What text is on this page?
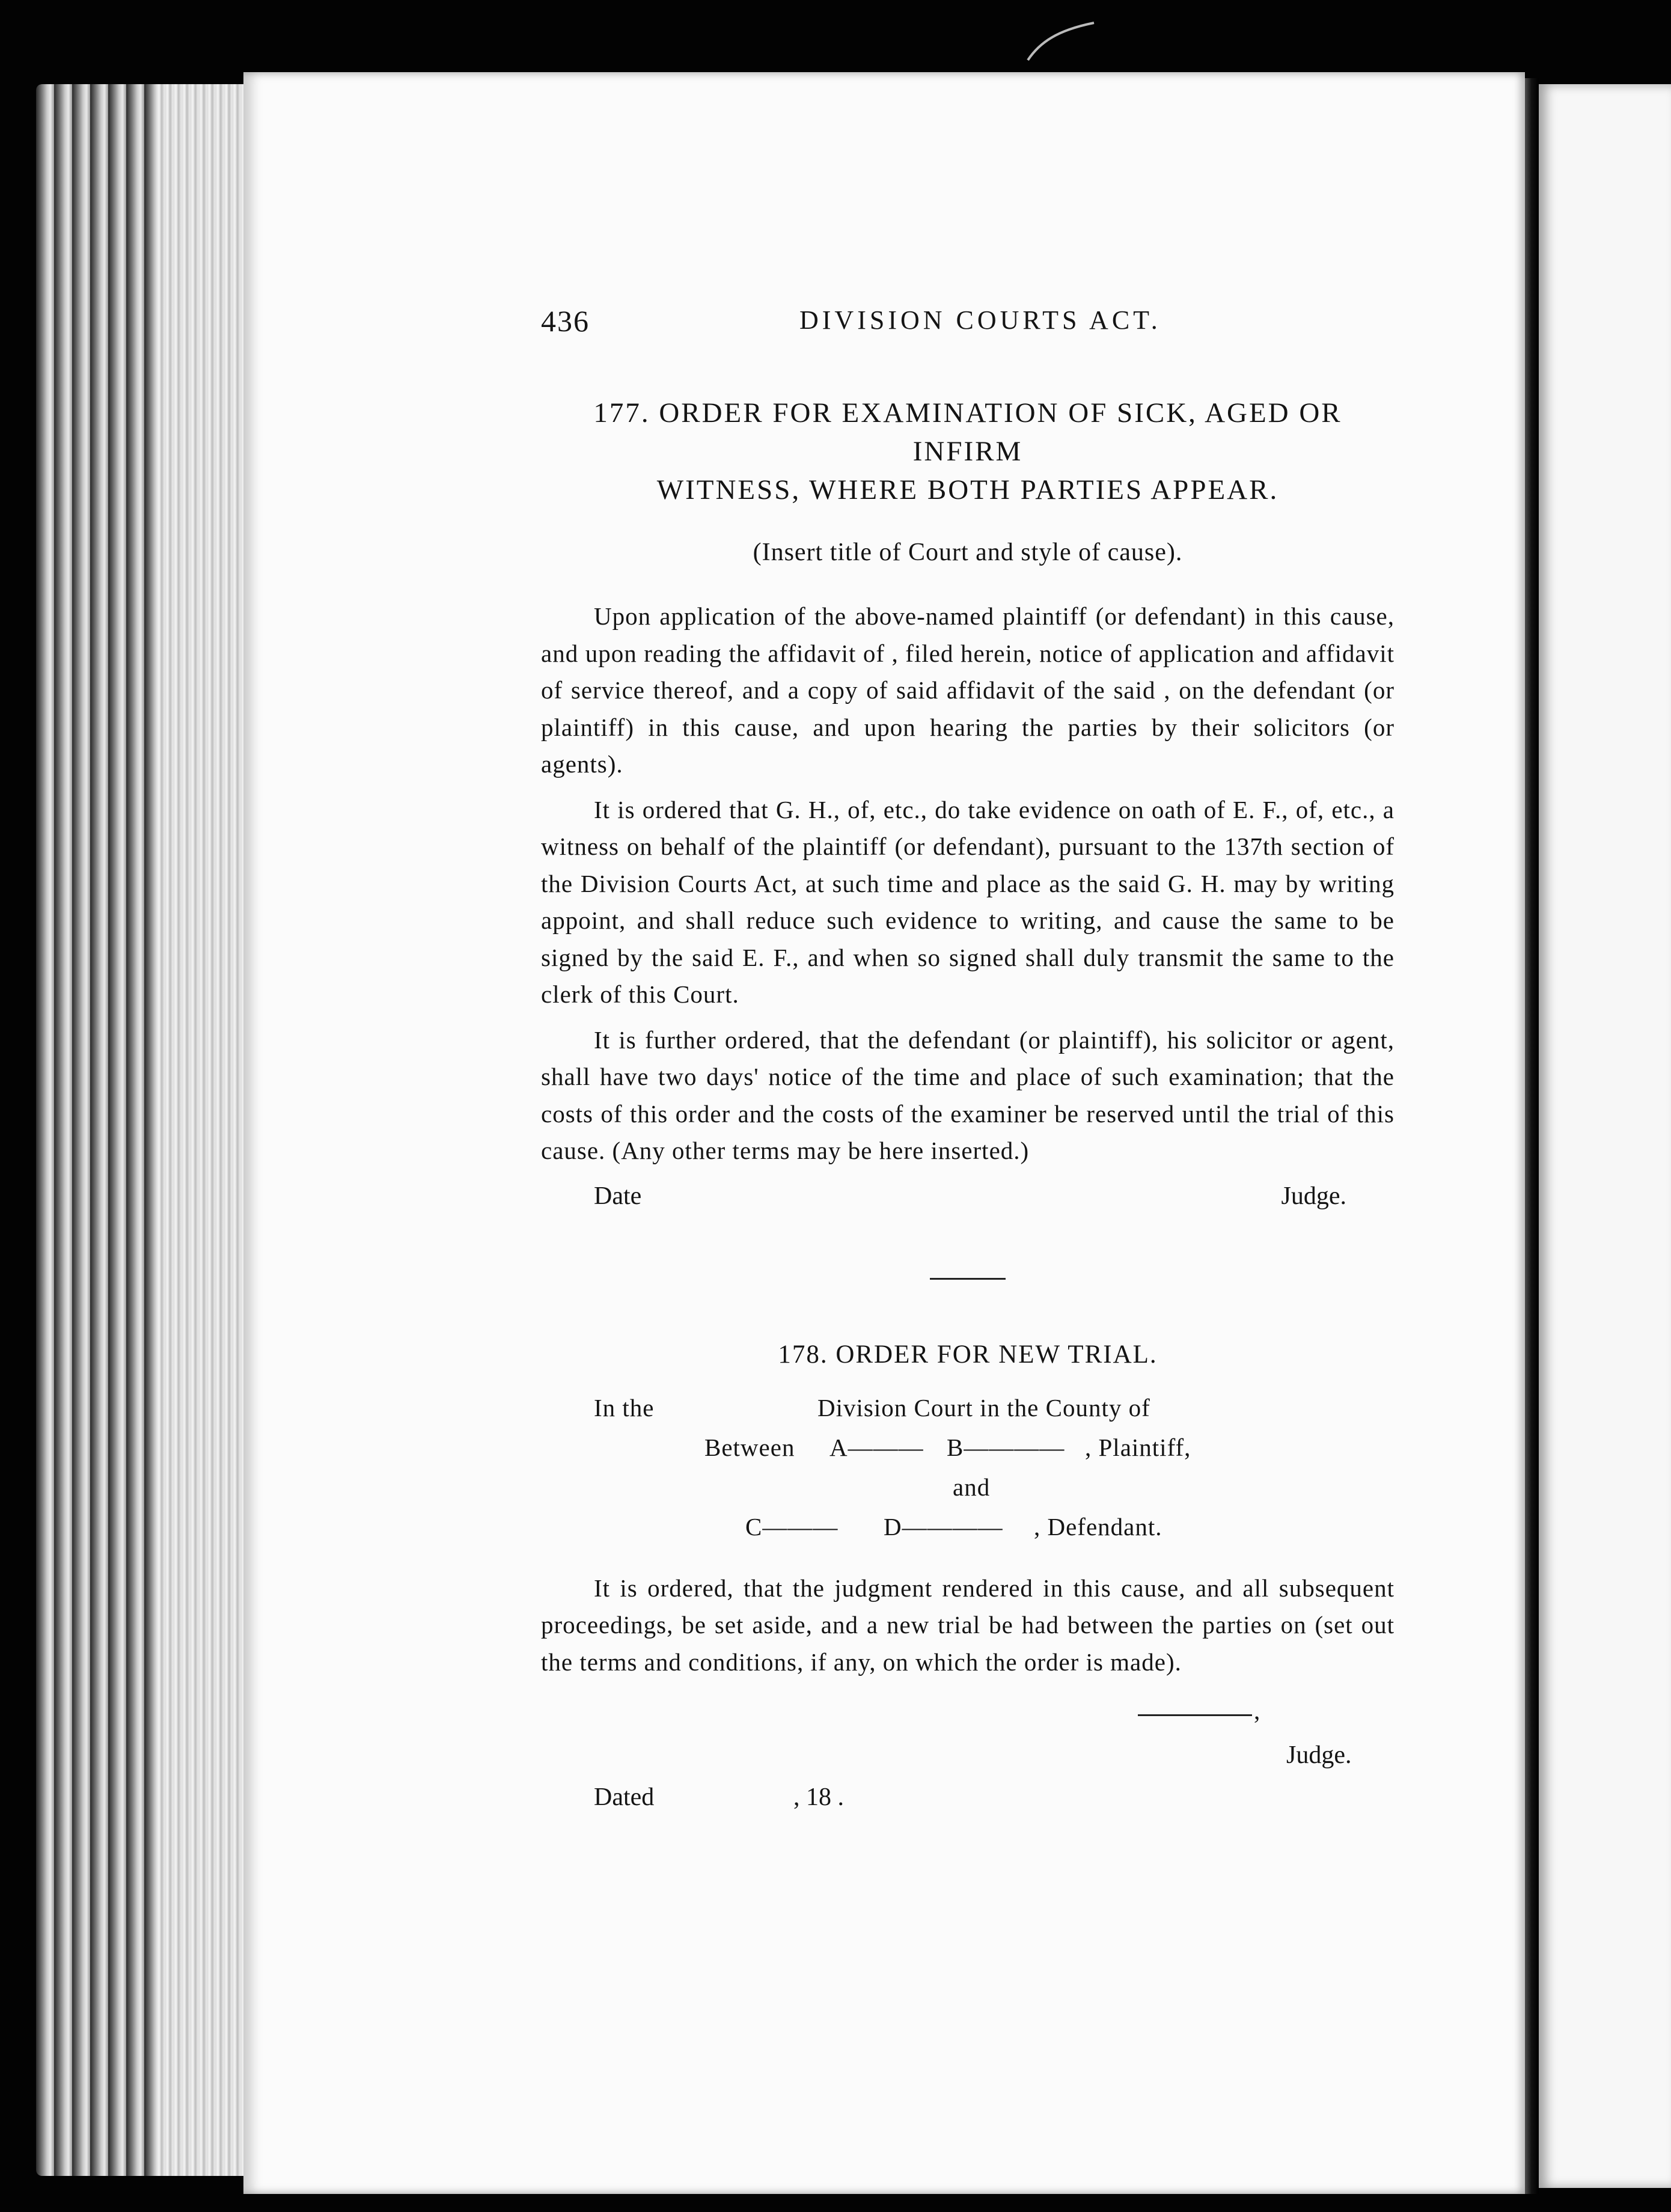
436	DIVISION COURTS ACT.
177. ORDER FOR EXAMINATION OF SICK, AGED OR INFIRM
WITNESS, WHERE BOTH PARTIES APPEAR.
(Insert title of Court and style of cause).

Upon application of the above-named plaintiff (or defendant) in this cause, and upon reading the affidavit of , filed herein, notice of application and affidavit of service thereof, and a copy of said affidavit of the said , on the defendant (or plaintiff) in this cause, and upon hearing the parties by their solicitors (or agents).

It is ordered that G. H., of, etc., do take evidence on oath of E. F., of, etc., a witness on behalf of the plaintiff (or defendant), pursuant to the 137th section of the Division Courts Act, at such time and place as the said G. H. may by writing appoint, and shall reduce such evidence to writing, and cause the same to be signed by the said E. F., and when so signed shall duly transmit the same to the clerk of this Court.

It is further ordered, that the defendant (or plaintiff), his solicitor or agent, shall have two days' notice of the time and place of such examination; that the costs of this order and the costs of the examiner be reserved until the trial of this cause. (Any other terms may be here inserted.)

Date	Judge.
178. ORDER FOR NEW TRIAL.
In the	Division Court in the County of
Between A——— B———— , Plaintiff,
and
C——— D———— , Defendant.

It is ordered, that the judgment rendered in this cause, and all subsequent proceedings, be set aside, and a new trial be had between the parties on (set out the terms and conditions, if any, on which the order is made).

,
Judge.
Dated	, 18 .
